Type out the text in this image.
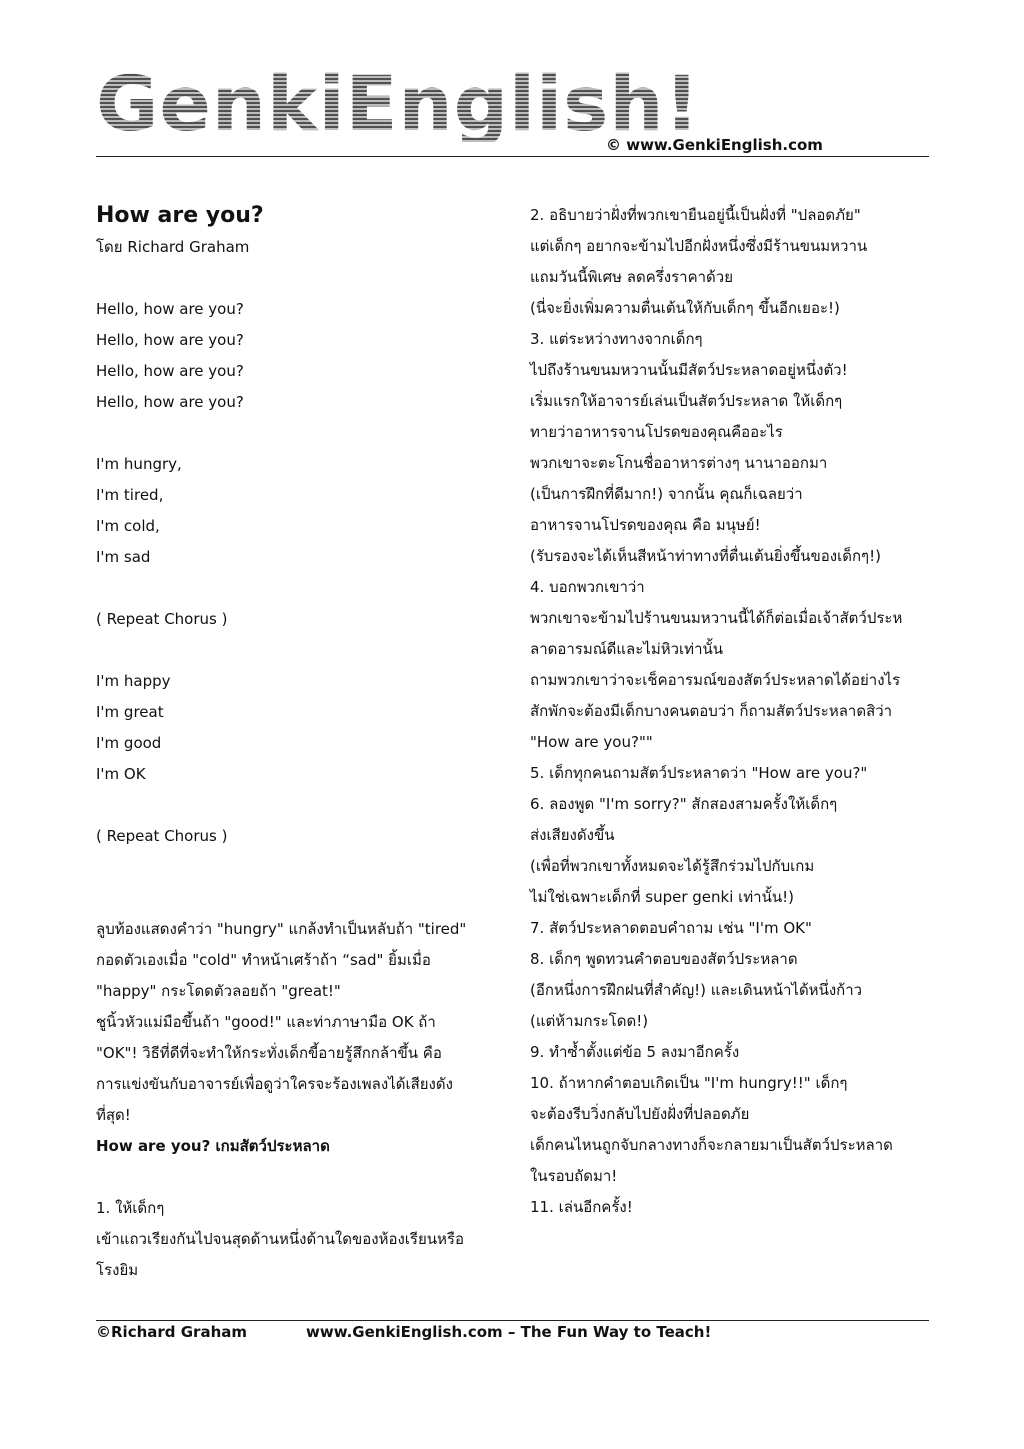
GenkiEnglish!
© www.GenkiEnglish.com
How are you?
โดย Richard Graham
Hello, how are you?
Hello, how are you?
Hello, how are you?
Hello, how are you?
I'm hungry,
I'm tired,
I'm cold,
I'm sad
( Repeat Chorus )
I'm happy
I'm great
I'm good
I'm OK
( Repeat Chorus )
ลูบท้องแสดงคำว่า "hungry" แกล้งทำเป็นหลับถ้า "tired"
กอดตัวเองเมื่อ "cold" ทำหน้าเศร้าถ้า “sad" ยิ้มเมื่อ
"happy" กระโดดตัวลอยถ้า "great!"
ชูนิ้วหัวแม่มือขึ้นถ้า "good!" และท่าภาษามือ OK ถ้า
"OK"! วิธีที่ดีที่จะทำให้กระทั่งเด็กขี้อายรู้สึกกล้าขึ้น คือ
การแข่งขันกับอาจารย์เพื่อดูว่าใครจะร้องเพลงได้เสียงดัง
ที่สุด!
How are you? เกมสัตว์ประหลาด
1. ให้เด็กๆ
เข้าแถวเรียงกันไปจนสุดด้านหนึ่งด้านใดของห้องเรียนหรือ
โรงยิม
2. อธิบายว่าฝั่งที่พวกเขายืนอยู่นี้เป็นฝั่งที่ "ปลอดภัย"
แต่เด็กๆ อยากจะข้ามไปอีกฝั่งหนึ่งซึ่งมีร้านขนมหวาน
แถมวันนี้พิเศษ ลดครึ่งราคาด้วย
(นี่จะยิ่งเพิ่มความตื่นเต้นให้กับเด็กๆ ขึ้นอีกเยอะ!)
3. แต่ระหว่างทางจากเด็กๆ
ไปถึงร้านขนมหวานนั้นมีสัตว์ประหลาดอยู่หนึ่งตัว!
เริ่มแรกให้อาจารย์เล่นเป็นสัตว์ประหลาด ให้เด็กๆ
ทายว่าอาหารจานโปรดของคุณคืออะไร
พวกเขาจะตะโกนชื่ออาหารต่างๆ นานาออกมา
(เป็นการฝึกที่ดีมาก!) จากนั้น คุณก็เฉลยว่า
อาหารจานโปรดของคุณ คือ มนุษย์!
(รับรองจะได้เห็นสีหน้าท่าทางที่ตื่นเต้นยิ่งขึ้นของเด็กๆ!)
4. บอกพวกเขาว่า
พวกเขาจะข้ามไปร้านขนมหวานนี้ได้ก็ต่อเมื่อเจ้าสัตว์ประห
ลาดอารมณ์ดีและไม่หิวเท่านั้น
ถามพวกเขาว่าจะเช็คอารมณ์ของสัตว์ประหลาดได้อย่างไร
สักพักจะต้องมีเด็กบางคนตอบว่า ก็ถามสัตว์ประหลาดสิว่า
"How are you?""
5. เด็กทุกคนถามสัตว์ประหลาดว่า "How are you?"
6. ลองพูด "I'm sorry?" สักสองสามครั้งให้เด็กๆ
ส่งเสียงดังขึ้น
(เพื่อที่พวกเขาทั้งหมดจะได้รู้สึกร่วมไปกับเกม
ไม่ใช่เฉพาะเด็กที่ super genki เท่านั้น!)
7. สัตว์ประหลาดตอบคำถาม เช่น "I'm OK"
8. เด็กๆ พูดทวนคำตอบของสัตว์ประหลาด
(อีกหนึ่งการฝึกฝนที่สำคัญ!) และเดินหน้าได้หนึ่งก้าว
(แต่ห้ามกระโดด!)
9. ทำซ้ำตั้งแต่ข้อ 5 ลงมาอีกครั้ง
10. ถ้าหากคำตอบเกิดเป็น "I'm hungry!!" เด็กๆ
จะต้องรีบวิ่งกลับไปยังฝั่งที่ปลอดภัย
เด็กคนไหนถูกจับกลางทางก็จะกลายมาเป็นสัตว์ประหลาด
ในรอบถัดมา!
11. เล่นอีกครั้ง!
©Richard Graham	www.GenkiEnglish.com – The Fun Way to Teach!
